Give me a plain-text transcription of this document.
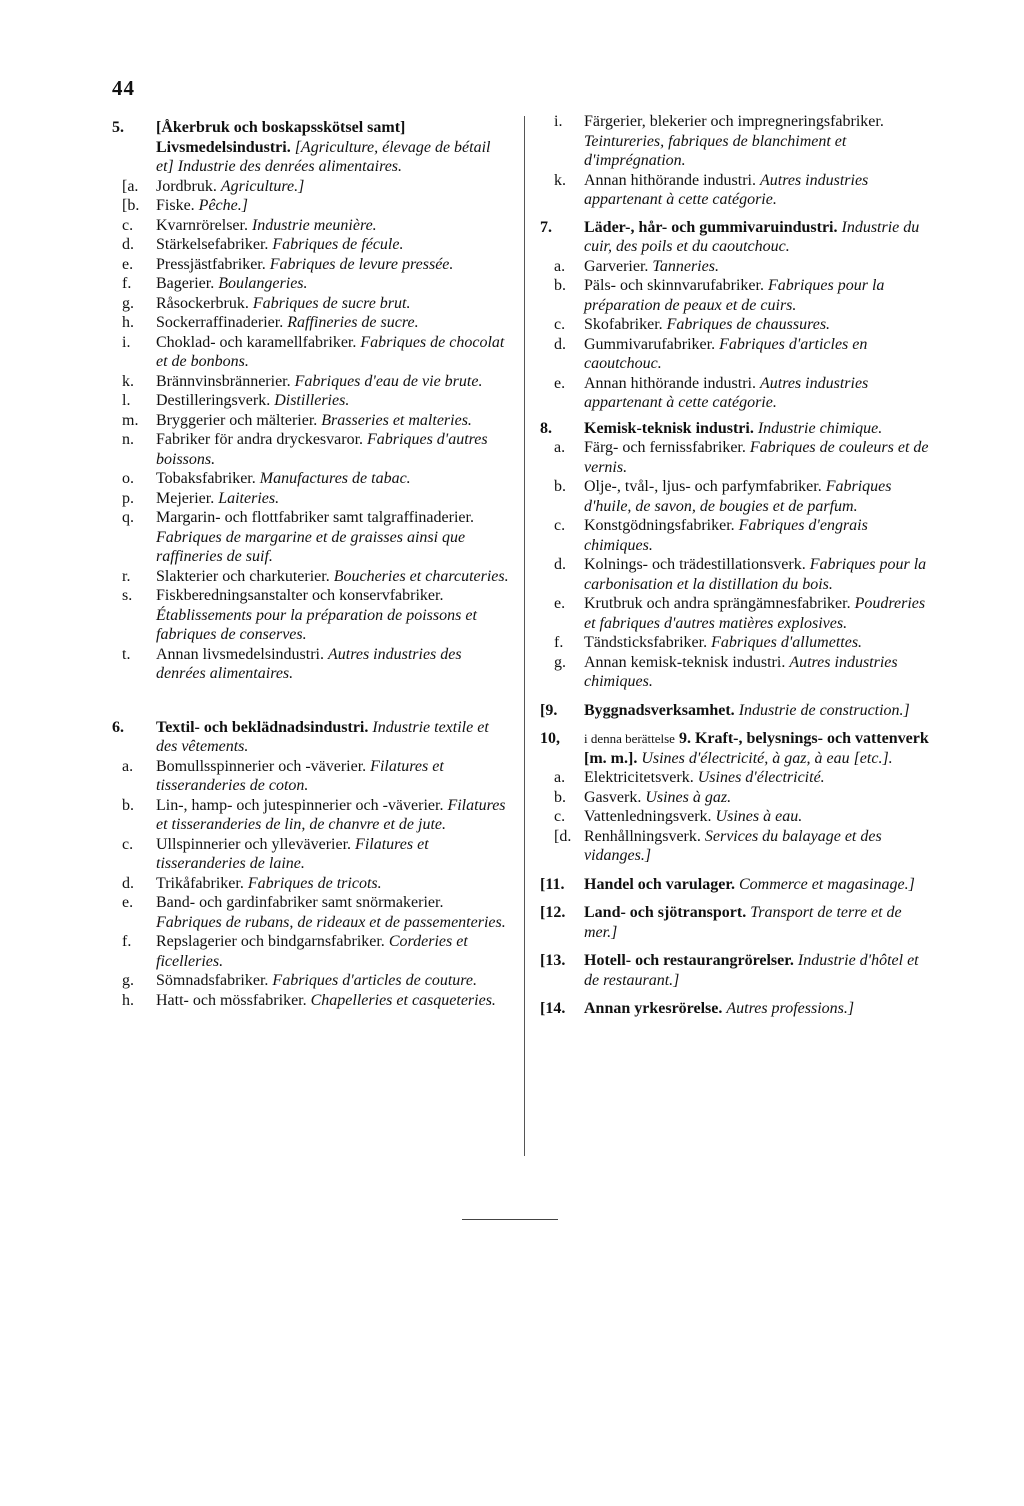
44
5.	[Åkerbruk och boskapsskötsel samt] Livsmedelsindustri. [Agriculture, élevage de bétail et] Industrie des denrées alimentaires.
[a.	Jordbruk. Agriculture.]
[b.	Fiske. Pêche.]
c.	Kvarnrörelser. Industrie meunière.
d.	Stärkelsefabriker. Fabriques de fécule.
e.	Pressjästfabriker. Fabriques de levure pressée.
f.	Bagerier. Boulangeries.
g.	Råsockerbruk. Fabriques de sucre brut.
h.	Sockerraffinaderier. Raffineries de sucre.
i.	Choklad- och karamellfabriker. Fabriques de chocolat et de bonbons.
k.	Brännvinsbrännerier. Fabriques d'eau de vie brute.
l.	Destilleringsverk. Distilleries.
m.	Bryggerier och mälterier. Brasseries et malteries.
n.	Fabriker för andra dryckesvaror. Fabriques d'autres boissons.
o.	Tobaksfabriker. Manufactures de tabac.
p.	Mejerier. Laiteries.
q.	Margarin- och flottfabriker samt talgraffinaderier. Fabriques de margarine et de graisses ainsi que raffineries de suif.
r.	Slakterier och charkuterier. Boucheries et charcuteries.
s.	Fiskberedningsanstalter och konservfabriker. Établissements pour la préparation de poissons et fabriques de conserves.
t.	Annan livsmedelsindustri. Autres industries des denrées alimentaires.
6.	Textil- och beklädnadsindustri. Industrie textile et des vêtements.
a.	Bomullsspinnerier och -väverier. Filatures et tisseranderies de coton.
b.	Lin-, hamp- och jutespinnerier och -väverier. Filatures et tisseranderies de lin, de chanvre et de jute.
c.	Ullspinnerier och ylleväverier. Filatures et tisseranderies de laine.
d.	Trikåfabriker. Fabriques de tricots.
e.	Band- och gardinfabriker samt snörmakerier. Fabriques de rubans, de rideaux et de passementeries.
f.	Repslagerier och bindgarnsfabriker. Corderies et ficelleries.
g.	Sömnadsfabriker. Fabriques d'articles de couture.
h.	Hatt- och mössfabriker. Chapelleries et casqueteries.
i.	Färgerier, blekerier och impregneringsfabriker. Teintureries, fabriques de blanchiment et d'imprégnation.
k.	Annan hithörande industri. Autres industries appartenant à cette catégorie.
7.	Läder-, hår- och gummivaruindustri. Industrie du cuir, des poils et du caoutchouc.
a.	Garverier. Tanneries.
b.	Päls- och skinnvarufabriker. Fabriques pour la préparation de peaux et de cuirs.
c.	Skofabriker. Fabriques de chaussures.
d.	Gummivarufabriker. Fabriques d'articles en caoutchouc.
e.	Annan hithörande industri. Autres industries appartenant à cette catégorie.
8.	Kemisk-teknisk industri. Industrie chimique.
a.	Färg- och fernissfabriker. Fabriques de couleurs et de vernis.
b.	Olje-, tvål-, ljus- och parfymfabriker. Fabriques d'huile, de savon, de bougies et de parfum.
c.	Konstgödningsfabriker. Fabriques d'engrais chimiques.
d.	Kolnings- och trädestillationsverk. Fabriques pour la carbonisation et la distillation du bois.
e.	Krutbruk och andra sprängämnesfabriker. Poudreries et fabriques d'autres matières explosives.
f.	Tändsticksfabriker. Fabriques d'allumettes.
g.	Annan kemisk-teknisk industri. Autres industries chimiques.
[9.	Byggnadsverksamhet. Industrie de construction.]
10,	i denna berättelse 9. Kraft-, belysnings- och vattenverk [m. m.]. Usines d'électricité, à gaz, à eau [etc.].
a.	Elektricitetsverk. Usines d'électricité.
b.	Gasverk. Usines à gaz.
c.	Vattenledningsverk. Usines à eau.
[d. Renhållningsverk. Services du balayage et des vidanges.]
[11.	Handel och varulager. Commerce et magasinage.]
[12.	Land- och sjötransport. Transport de terre et de mer.]
[13.	Hotell- och restaurangrörelser. Industrie d'hôtel et de restaurant.]
[14.	Annan yrkesrörelse. Autres professions.]
